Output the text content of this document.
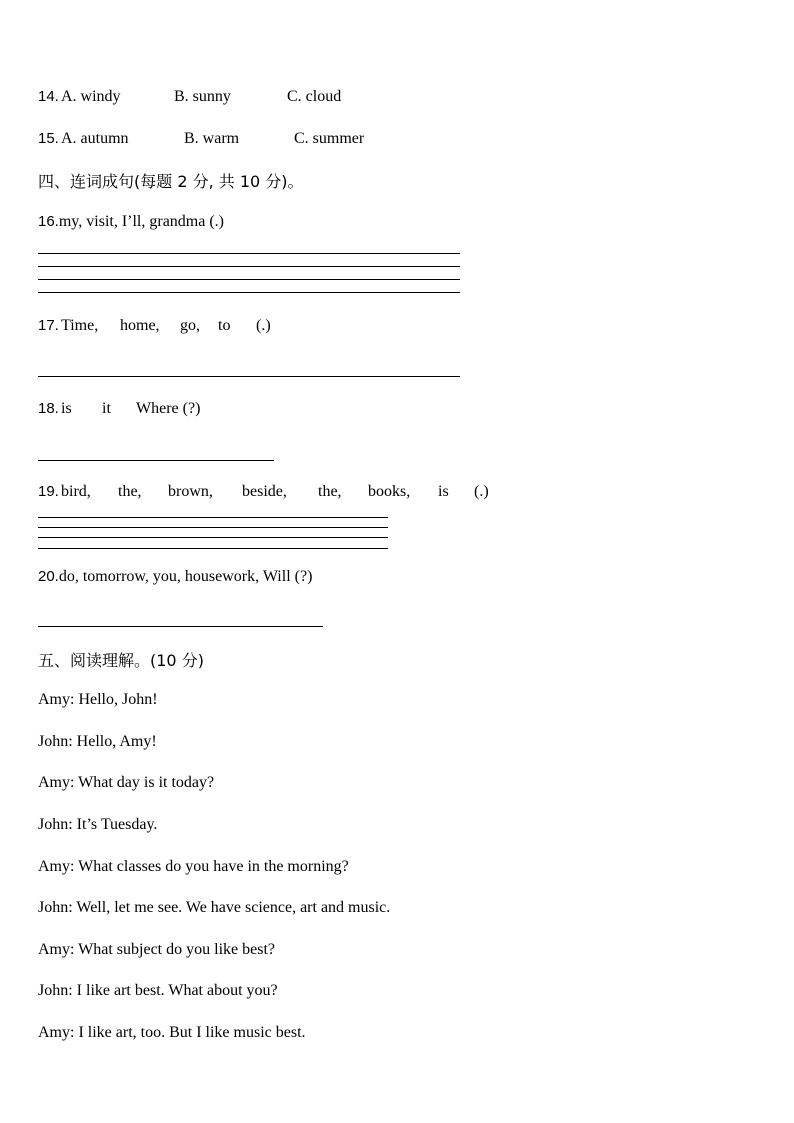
14. A. windy	B. sunny	C. cloud
15. A. autumn	B. warm	C. summer
四、连词成句(每题 2 分, 共 10 分)。
16.my, visit, I’ll, grandma (.)
17. Time, home, go, to (.)
18. is it Where (?)
19. bird, the, brown, beside, the, books, is (.)
20.do, tomorrow, you, housework, Will (?)
五、阅读理解。(10 分)
Amy: Hello, John!
John: Hello, Amy!
Amy: What day is it today?
John: It’s Tuesday.
Amy: What classes do you have in the morning?
John: Well, let me see. We have science, art and music.
Amy: What subject do you like best?
John: I like art best. What about you?
Amy: I like art, too. But I like music best.
